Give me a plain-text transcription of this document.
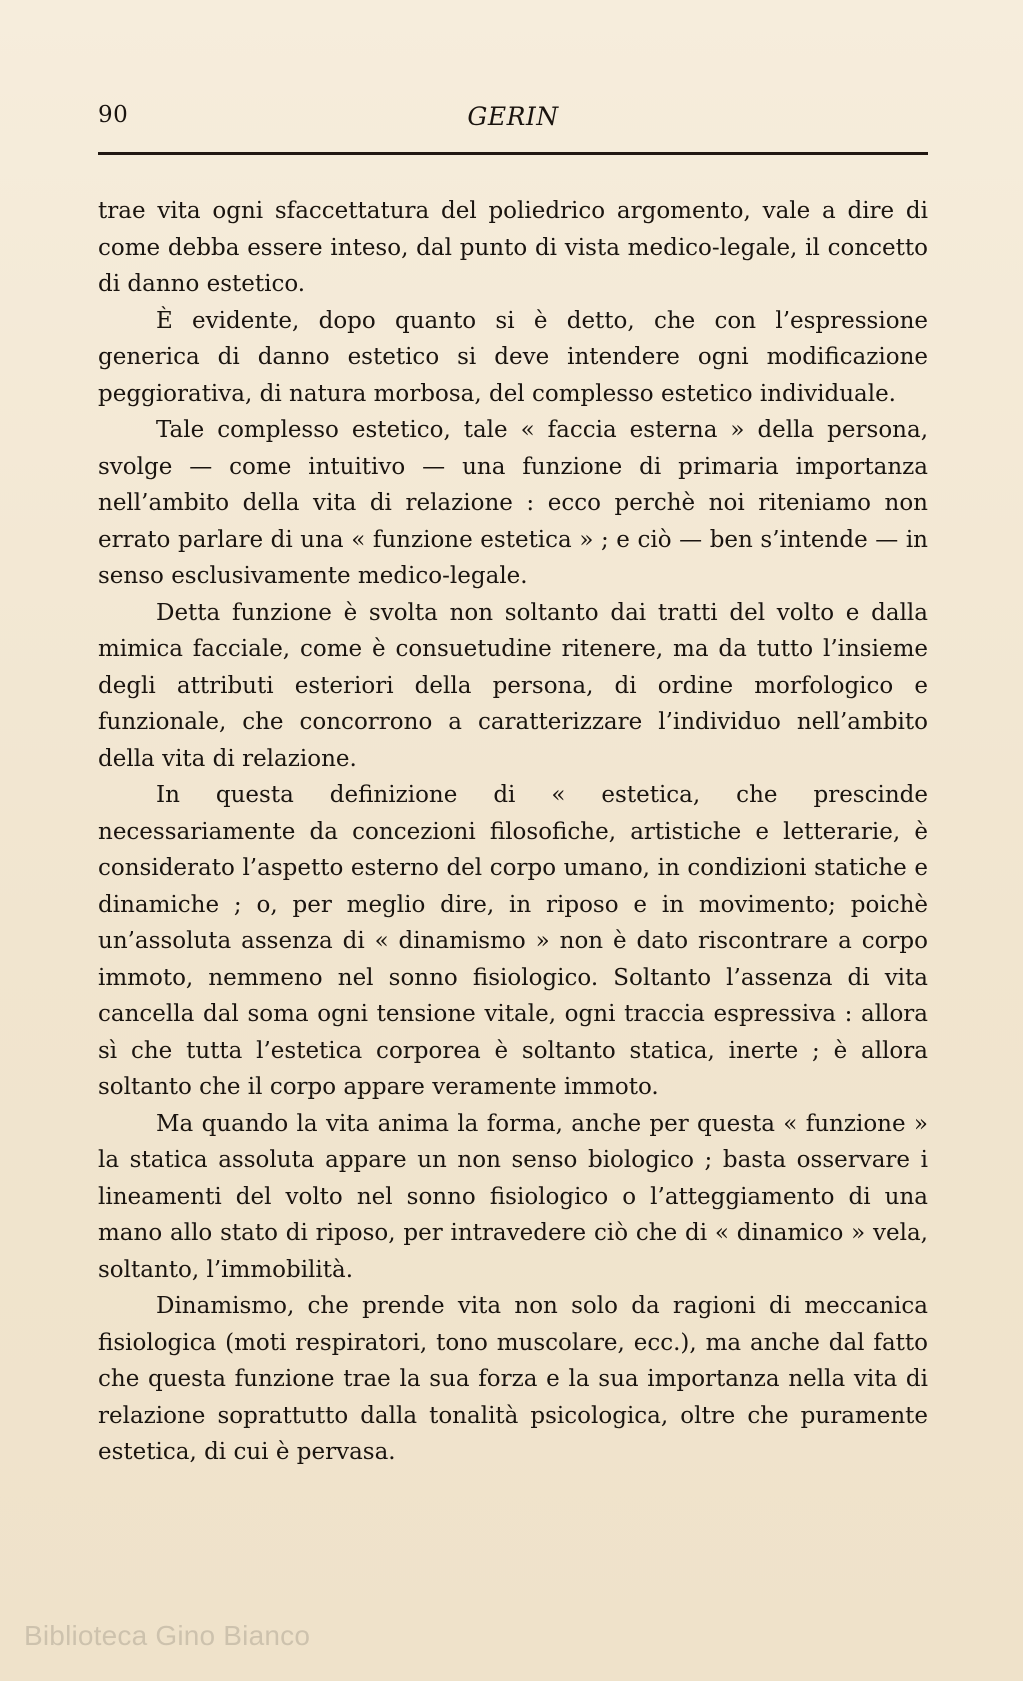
90	GERIN

trae vita ogni sfaccettatura del poliedrico argomento, vale a dire di come debba essere inteso, dal punto di vista medico-legale, il concetto di danno estetico.

È evidente, dopo quanto si è detto, che con l’espressione generica di danno estetico si deve intendere ogni modificazione peggiorativa, di natura morbosa, del complesso estetico individuale.

Tale complesso estetico, tale « faccia esterna » della persona, svolge — come intuitivo — una funzione di primaria importanza nell’ambito della vita di relazione : ecco perchè noi riteniamo non errato parlare di una « funzione estetica » ; e ciò — ben s’intende — in senso esclusivamente medico-legale.

Detta funzione è svolta non soltanto dai tratti del volto e dalla mimica facciale, come è consuetudine ritenere, ma da tutto l’insieme degli attributi esteriori della persona, di ordine morfologico e funzionale, che concorrono a caratterizzare l’individuo nell’ambito della vita di relazione.

In questa definizione di « estetica, che prescinde necessariamente da concezioni filosofiche, artistiche e letterarie, è considerato l’aspetto esterno del corpo umano, in condizioni statiche e dinamiche ; o, per meglio dire, in riposo e in movimento; poichè un’assoluta assenza di « dinamismo » non è dato riscontrare a corpo immoto, nemmeno nel sonno fisiologico. Soltanto l’assenza di vita cancella dal soma ogni tensione vitale, ogni traccia espressiva : allora sì che tutta l’estetica corporea è soltanto statica, inerte ; è allora soltanto che il corpo appare veramente immoto.

Ma quando la vita anima la forma, anche per questa « funzione » la statica assoluta appare un non senso biologico ; basta osservare i lineamenti del volto nel sonno fisiologico o l’atteggiamento di una mano allo stato di riposo, per intravedere ciò che di « dinamico » vela, soltanto, l’immobilità.

Dinamismo, che prende vita non solo da ragioni di meccanica fisiologica (moti respiratori, tono muscolare, ecc.), ma anche dal fatto che questa funzione trae la sua forza e la sua importanza nella vita di relazione soprattutto dalla tonalità psicologica, oltre che puramente estetica, di cui è pervasa.

Biblioteca Gino Bianco
